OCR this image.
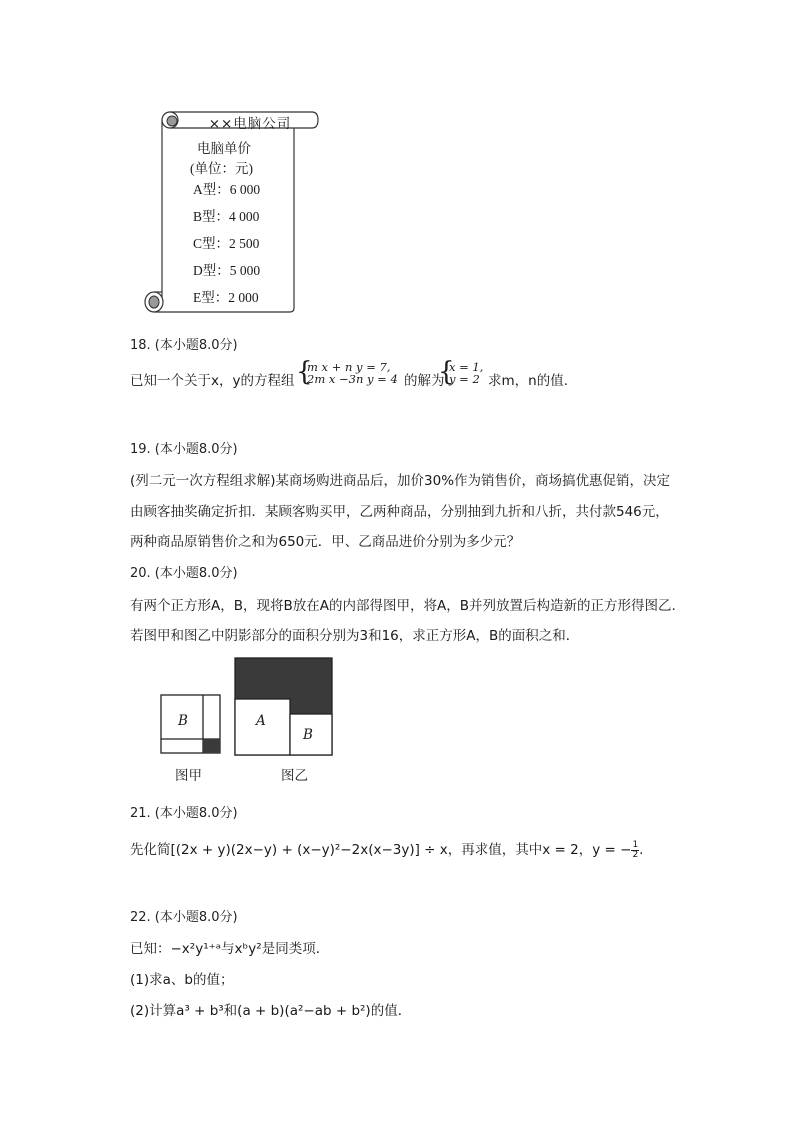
××电脑公司
电脑单价
(单位：元)
A型：6 000
B型：4 000
C型：2 500
D型：5 000
E型：2 000
18. (本小题8.0分)
已知一个关于x，y的方程组 {
m x + n y = 7,
2m x −3n y = 4 的解为
{
x = 1,
y = 2 求m，n的值．
19. (本小题8.0分)
(列二元一次方程组求解)某商场购进商品后，加价30%作为销售价，商场搞优惠促销，决定
由顾客抽奖确定折扣．某顾客购买甲，乙两种商品，分别抽到九折和八折，共付款546元，
两种商品原销售价之和为650元．甲、乙商品进价分别为多少元？
20. (本小题8.0分)
有两个正方形A，B，现将B放在A的内部得图甲，将A，B并列放置后构造新的正方形得图乙.
若图甲和图乙中阴影部分的面积分别为3和16，求正方形A，B的面积之和．
B
图甲
A
B
图乙
21. (本小题8.0分)
先化简[(2x + y)(2x−y) + (x−y)²−2x(x−3y)] ÷ x，再求值，其中x = 2，y = − $\frac{1}{2}$ .
22. (本小题8.0分)
已知：−x²y¹⁺ᵃ与xᵇy²是同类项．
(1)求a、b的值；
(2)计算a³ + b³和(a + b)(a²−ab + b²)的值．
